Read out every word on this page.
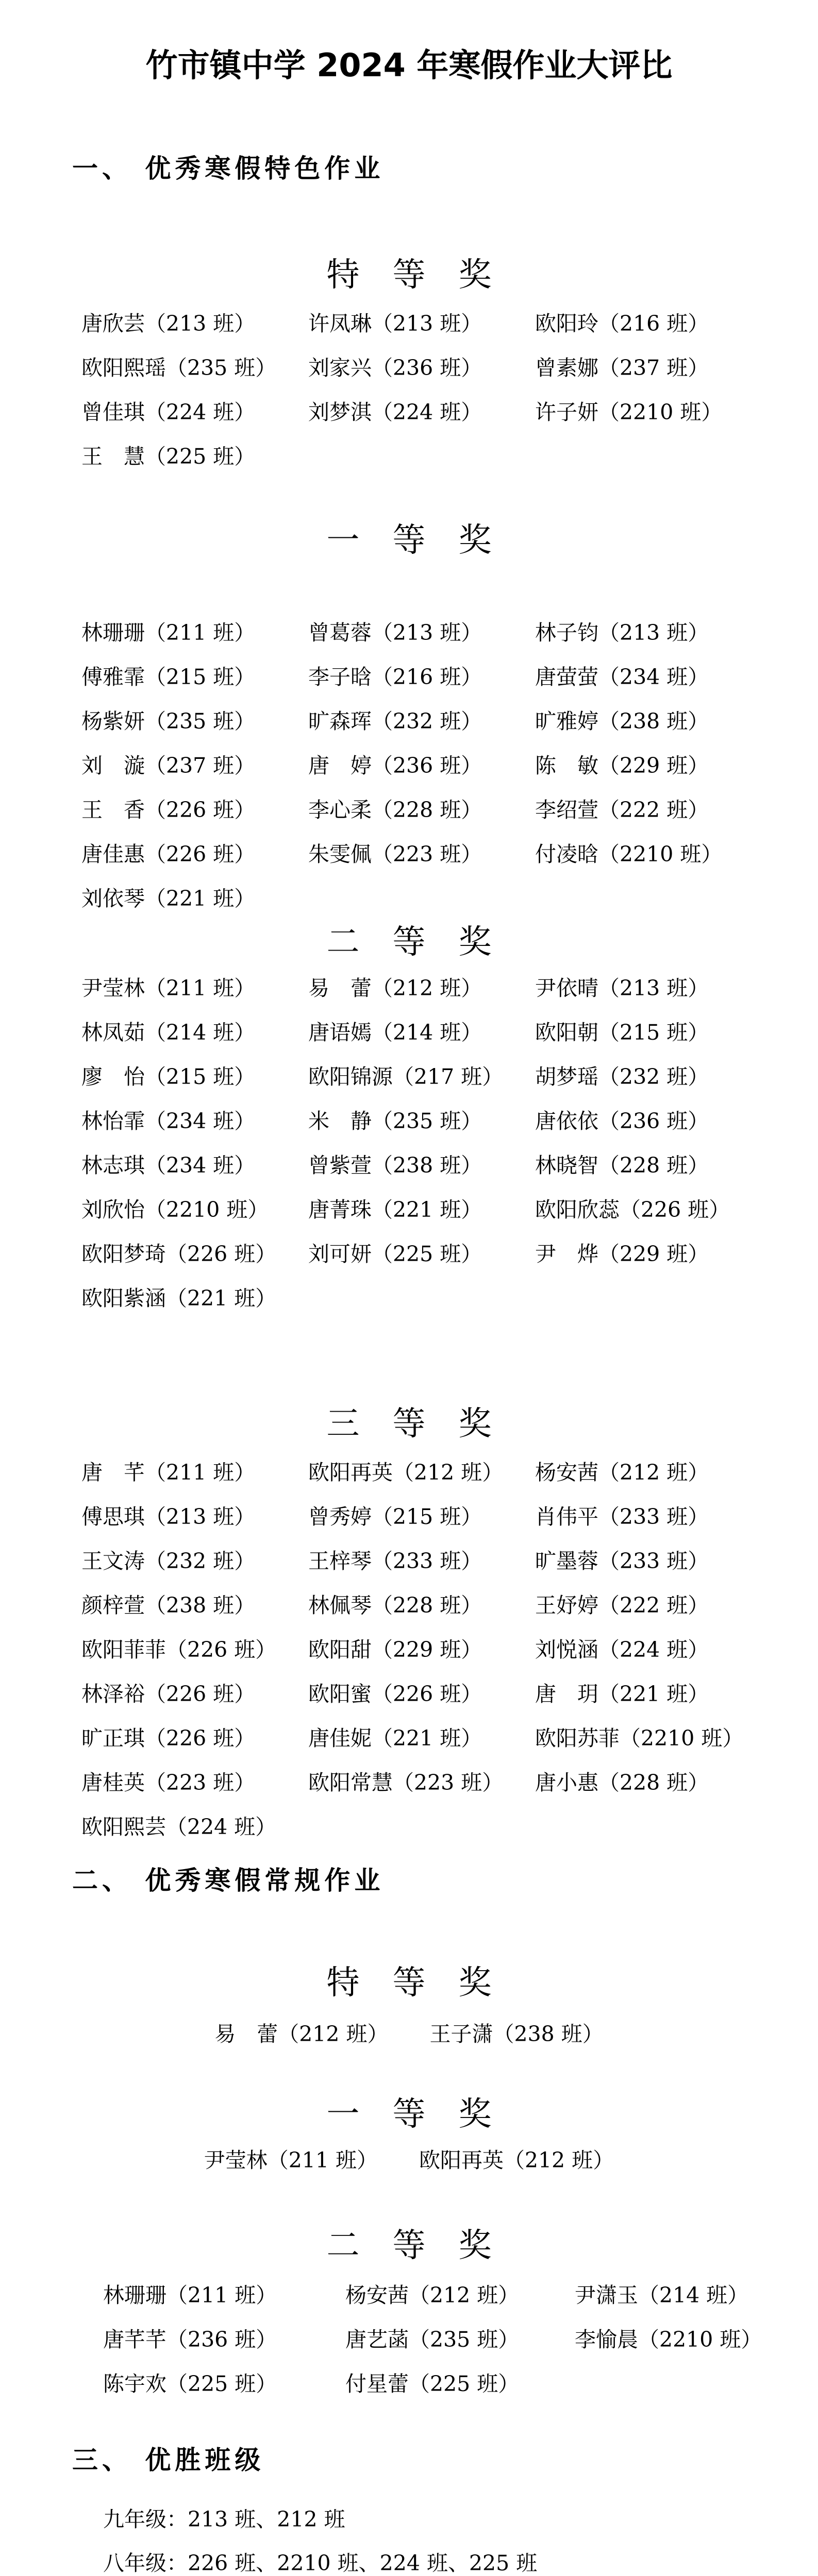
竹市镇中学 2024 年寒假作业大评比
一、 优秀寒假特色作业
特等奖
唐欣芸（213 班）	许凤琳（213 班）	欧阳玲（216 班）
欧阳熙瑶（235 班）	刘家兴（236 班）	曾素娜（237 班）
曾佳琪（224 班）	刘梦淇（224 班）	许子妍（2210 班）
王　慧（225 班）
一等奖
林珊珊（211 班）	曾葛蓉（213 班）	林子钧（213 班）
傅雅霏（215 班）	李子晗（216 班）	唐萤萤（234 班）
杨紫妍（235 班）	旷森珲（232 班）	旷雅婷（238 班）
刘　漩（237 班）	唐　婷（236 班）	陈　敏（229 班）
王　香（226 班）	李心柔（228 班）	李绍萱（222 班）
唐佳惠（226 班）	朱雯佩（223 班）	付凌晗（2210 班）
刘依琴（221 班）
二等奖
尹莹林（211 班）	易　蕾（212 班）	尹依晴（213 班）
林凤茹（214 班）	唐语嫣（214 班）	欧阳朝（215 班）
廖　怡（215 班）	欧阳锦源（217 班）	胡梦瑶（232 班）
林怡霏（234 班）	米　静（235 班）	唐依依（236 班）
林志琪（234 班）	曾紫萱（238 班）	林晓智（228 班）
刘欣怡（2210 班）	唐菁珠（221 班）	欧阳欣蕊（226 班）
欧阳梦琦（226 班）	刘可妍（225 班）	尹　烨（229 班）
欧阳紫涵（221 班）
三等奖
唐　芊（211 班）	欧阳再英（212 班）	杨安茜（212 班）
傅思琪（213 班）	曾秀婷（215 班）	肖伟平（233 班）
王文涛（232 班）	王梓琴（233 班）	旷墨蓉（233 班）
颜梓萱（238 班）	林佩琴（228 班）	王妤婷（222 班）
欧阳菲菲（226 班）	欧阳甜（229 班）	刘悦涵（224 班）
林泽裕（226 班）	欧阳蜜（226 班）	唐　玥（221 班）
旷正琪（226 班）	唐佳妮（221 班）	欧阳苏菲（2210 班）
唐桂英（223 班）	欧阳常慧（223 班）	唐小惠（228 班）
欧阳熙芸（224 班）
二、 优秀寒假常规作业
特等奖
易　蕾（212 班） 王子潇（238 班）
一等奖
尹莹林（211 班） 欧阳再英（212 班）
二等奖
林珊珊（211 班）	杨安茜（212 班）	尹潇玉（214 班）
唐芊芊（236 班）	唐艺菡（235 班）	李愉晨（2210 班）
陈宇欢（225 班）	付星蕾（225 班）
三、 优胜班级
九年级：213 班、212 班
八年级：226 班、2210 班、224 班、225 班
